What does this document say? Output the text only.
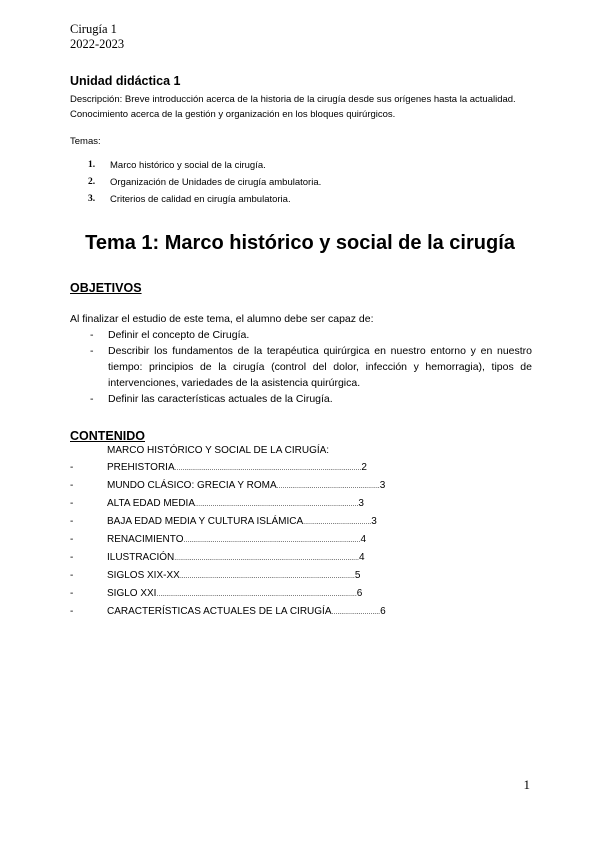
Cirugía 1
2022-2023

Unidad didáctica 1

Descripción: Breve introducción acerca de la historia de la cirugía desde sus orígenes hasta la actualidad. Conocimiento acerca de la gestión y organización en los bloques quirúrgicos.

Temas:

1.	Marco histórico y social de la cirugía.
2.	Organización de Unidades de cirugía ambulatoria.
3.	Criterios de calidad en cirugía ambulatoria.
Tema 1: Marco histórico y social de la cirugía

OBJETIVOS

Al finalizar el estudio de este tema, el alumno debe ser capaz de:

-	Definir el concepto de Cirugía.
-	Describir los fundamentos de la terapéutica quirúrgica en nuestro entorno y en nuestro tiempo: principios de la cirugía (control del dolor, infección y hemorragia), tipos de intervenciones, variedades de la asistencia quirúrgica.
-	Definir las características actuales de la Cirugía.

CONTENIDO

MARCO HISTÓRICO Y SOCIAL DE LA CIRUGÍA:

-	PREHISTORIA ................................................................................................ 2
-	MUNDO CLÁSICO: GRECIA Y ROMA ..................................................... 3
-	ALTA EDAD MEDIA .................................................................................... 3
-	BAJA EDAD MEDIA Y CULTURA ISLÁMICA ................................... 3
-	RENACIMIENTO ........................................................................................... 4
-	ILUSTRACIÓN ............................................................................................... 4
-	SIGLOS XIX-XX .......................................................................................... 5
-	SIGLO XXI ....................................................................................................... 6
-	CARACTERÍSTICAS ACTUALES DE LA CIRUGÍA ......................... 6
1
